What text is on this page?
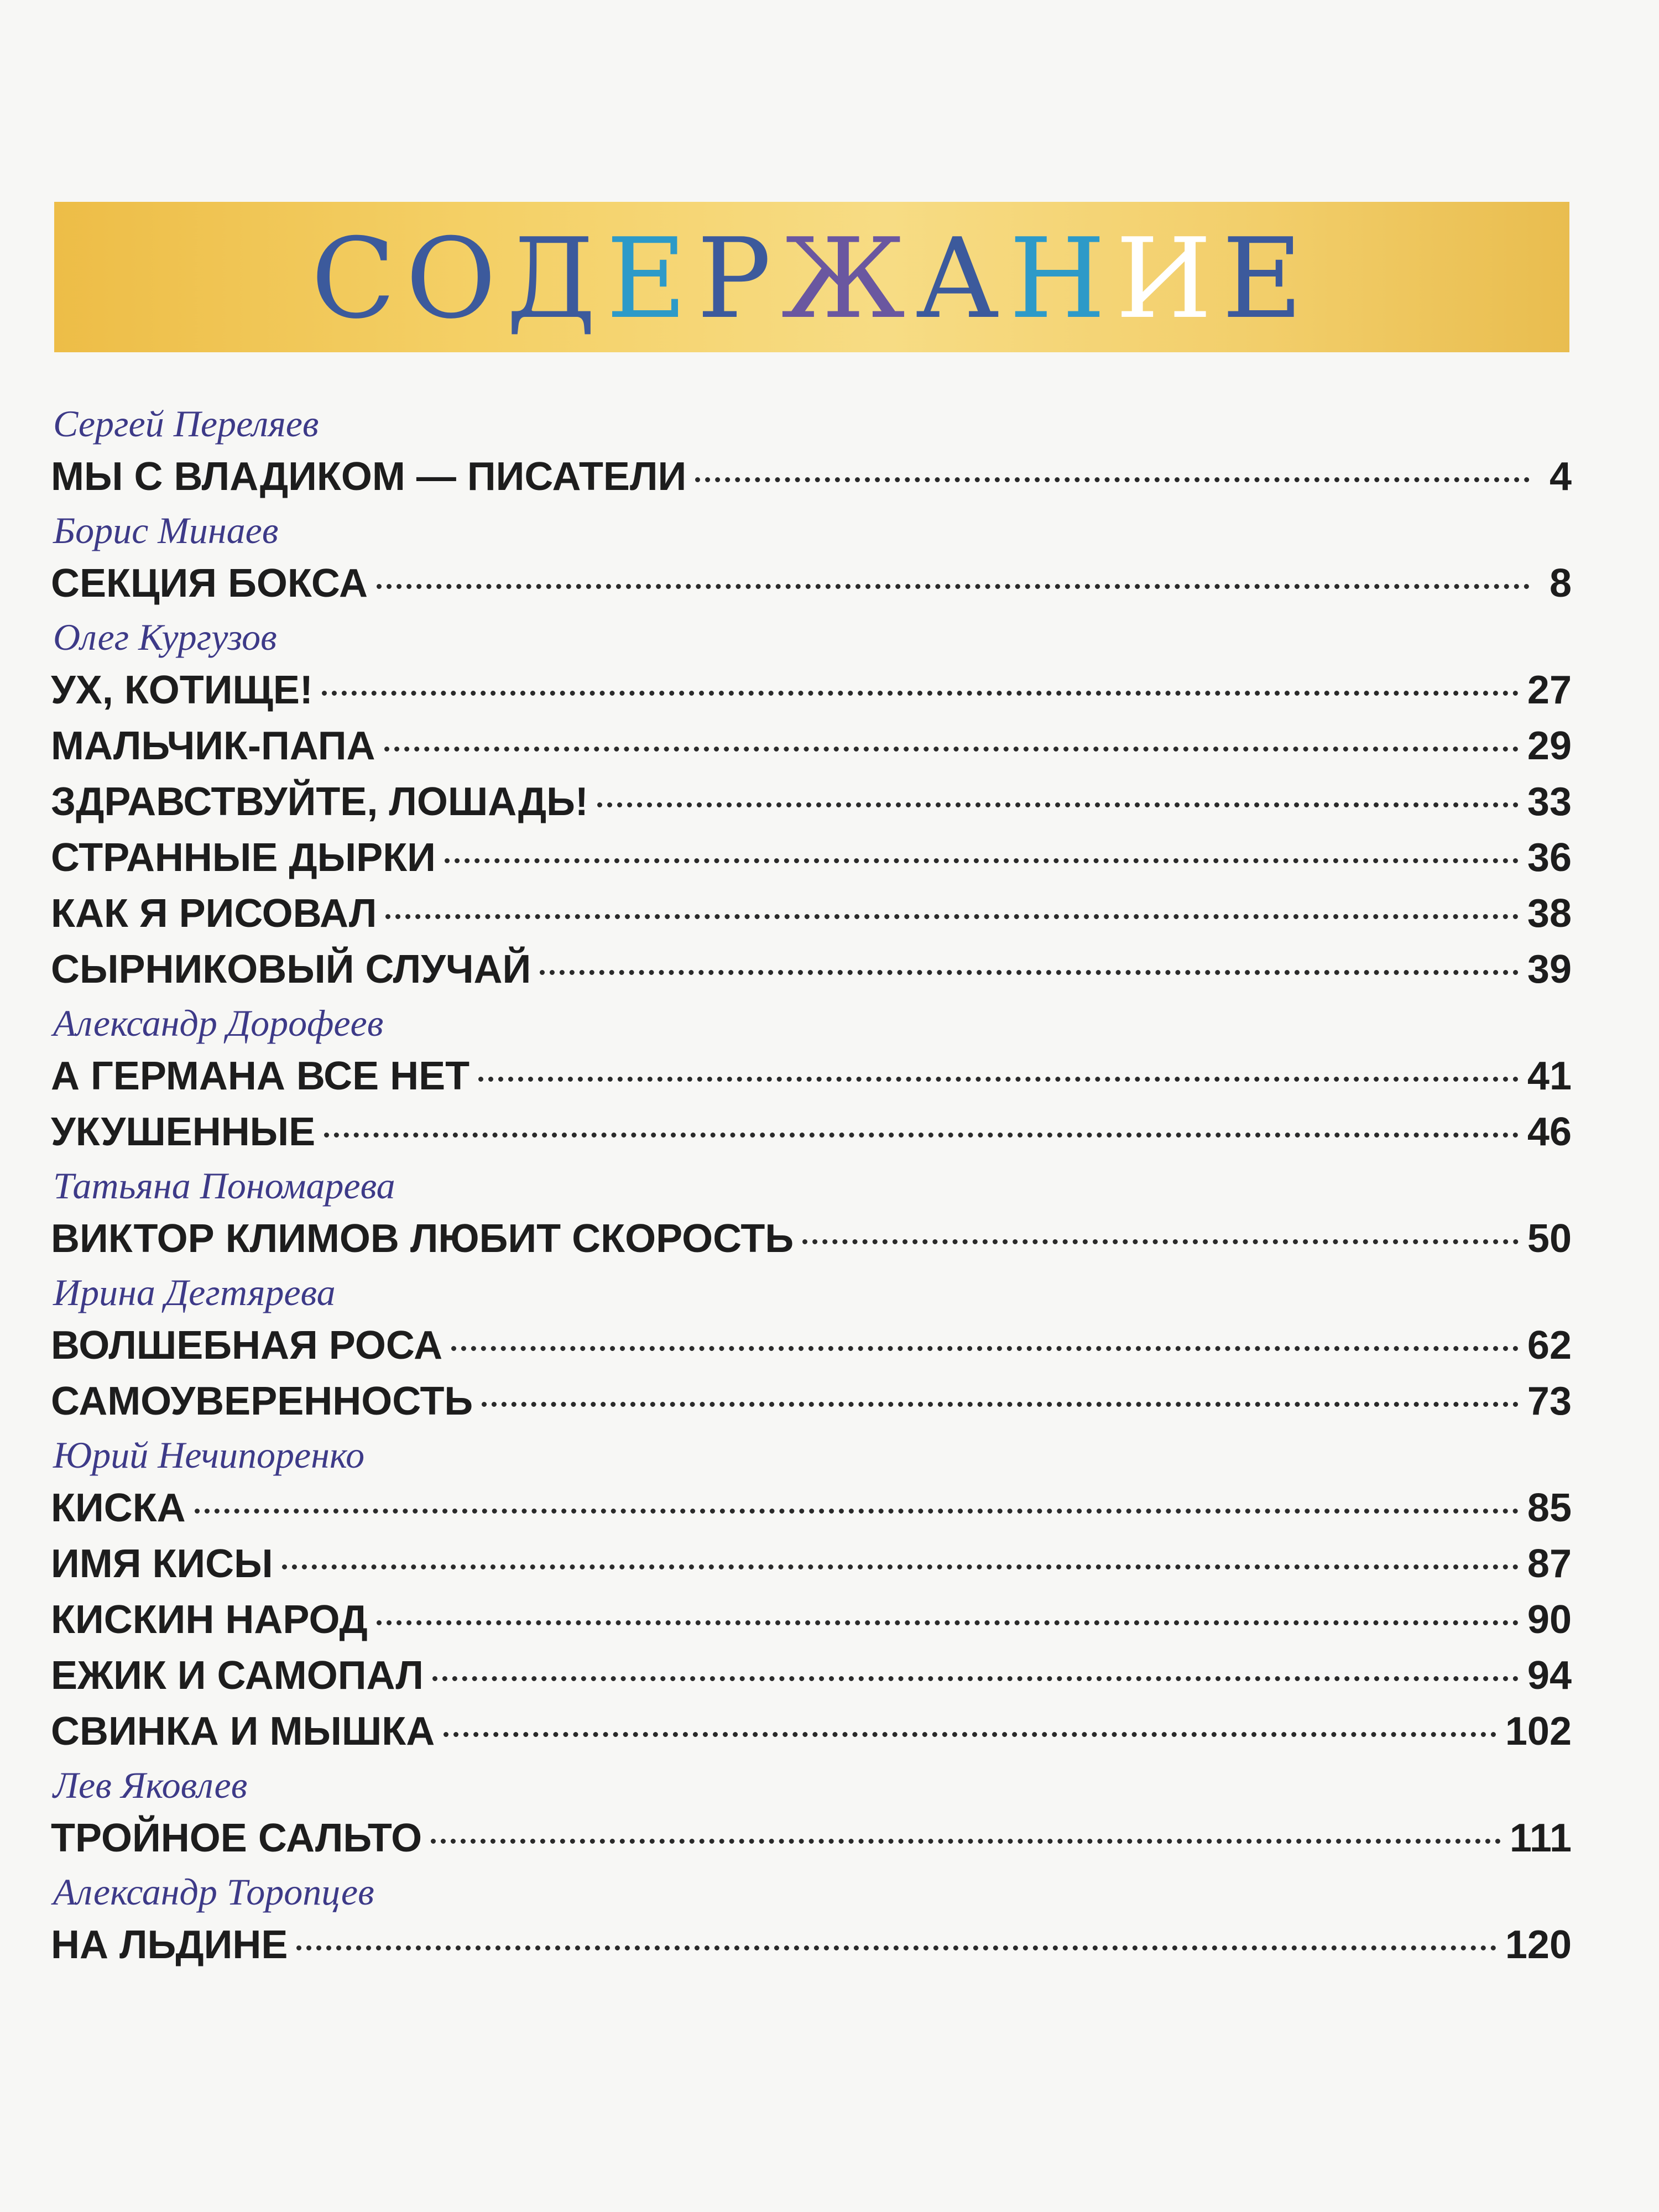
СОДЕРЖАНИЕ
Сергей Переляев
МЫ С ВЛАДИКОМ — ПИСАТЕЛИ	4
Борис Минаев
СЕКЦИЯ БОКСА	8
Олег Кургузов
УХ, КОТИЩЕ!	27
МАЛЬЧИК-ПАПА	29
ЗДРАВСТВУЙТЕ, ЛОШАДЬ!	33
СТРАННЫЕ ДЫРКИ	36
КАК Я РИСОВАЛ	38
СЫРНИКОВЫЙ СЛУЧАЙ	39
Александр Дорофеев
А ГЕРМАНА ВСЕ НЕТ	41
УКУШЕННЫЕ	46
Татьяна Пономарева
ВИКТОР КЛИМОВ ЛЮБИТ СКОРОСТЬ	50
Ирина Дегтярева
ВОЛШЕБНАЯ РОСА	62
САМОУВЕРЕННОСТЬ	73
Юрий Нечипоренко
КИСКА	85
ИМЯ КИСЫ	87
КИСКИН НАРОД	90
ЕЖИК И САМОПАЛ	94
СВИНКА И МЫШКА	102
Лев Яковлев
ТРОЙНОЕ САЛЬТО	111
Александр Торопцев
НА ЛЬДИНЕ	120
